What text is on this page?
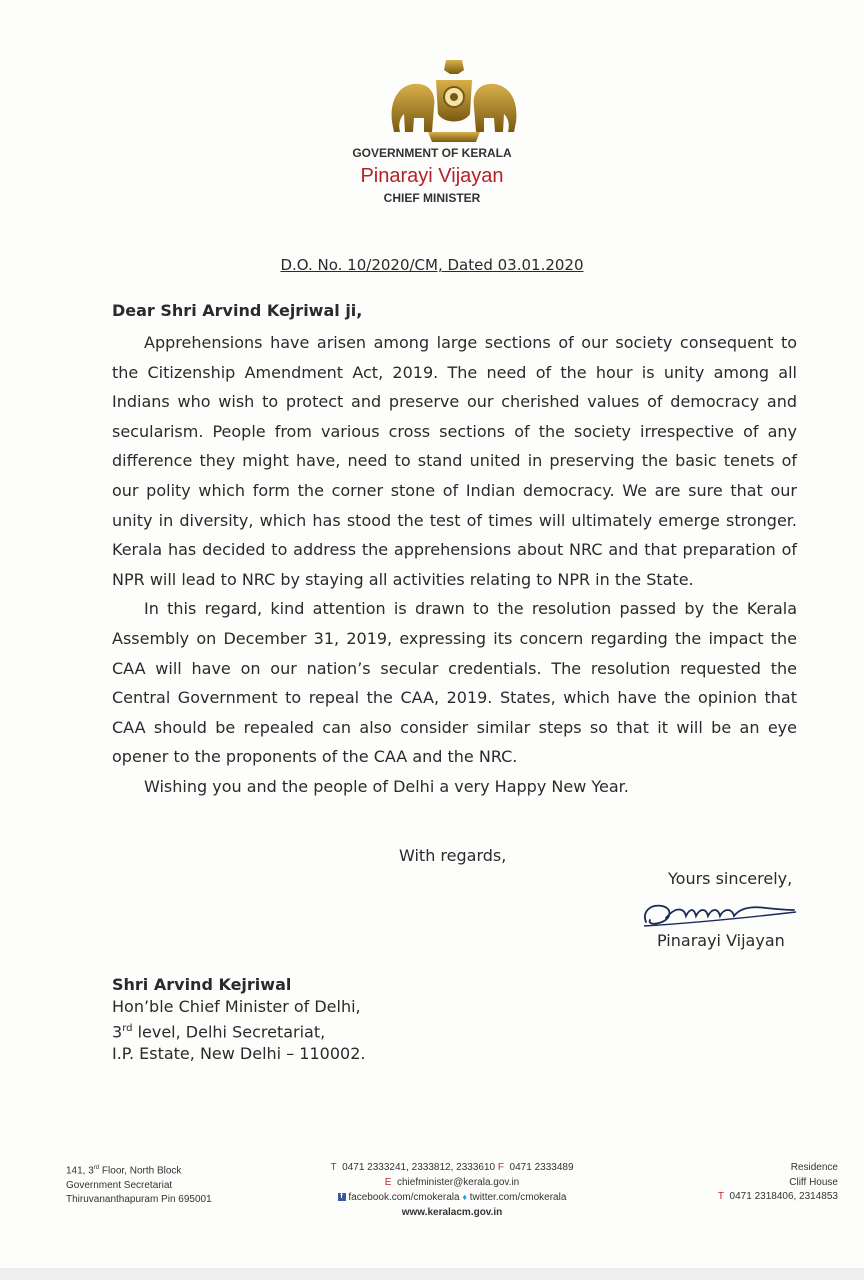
GOVERNMENT OF KERALA
Pinarayi Vijayan
CHIEF MINISTER
D.O. No. 10/2020/CM, Dated 03.01.2020
Dear Shri Arvind Kejriwal ji,

Apprehensions have arisen among large sections of our society consequent to the Citizenship Amendment Act, 2019. The need of the hour is unity among all Indians who wish to protect and preserve our cherished values of democracy and secularism. People from various cross sections of the society irrespective of any difference they might have, need to stand united in preserving the basic tenets of our polity which form the corner stone of Indian democracy. We are sure that our unity in diversity, which has stood the test of times will ultimately emerge stronger. Kerala has decided to address the apprehensions about NRC and that preparation of NPR will lead to NRC by staying all activities relating to NPR in the State.

In this regard, kind attention is drawn to the resolution passed by the Kerala Assembly on December 31, 2019, expressing its concern regarding the impact the CAA will have on our nation’s secular credentials. The resolution requested the Central Government to repeal the CAA, 2019. States, which have the opinion that CAA should be repealed can also consider similar steps so that it will be an eye opener to the proponents of the CAA and the NRC.

Wishing you and the people of Delhi a very Happy New Year.

With regards,
Yours sincerely,
Pinarayi Vijayan
Shri Arvind Kejriwal
Hon’ble Chief Minister of Delhi,
3rd level, Delhi Secretariat,
I.P. Estate, New Delhi – 110002.
141, 3rd Floor, North Block
Government Secretariat
Thiruvananthapuram Pin 695001
T 0471 2333241, 2333812, 2333610 F 0471 2333489
E chiefminister@kerala.gov.in
f facebook.com/cmokerala ♦ twitter.com/cmokerala
www.keralacm.gov.in
Residence
Cliff House
T 0471 2318406, 2314853
